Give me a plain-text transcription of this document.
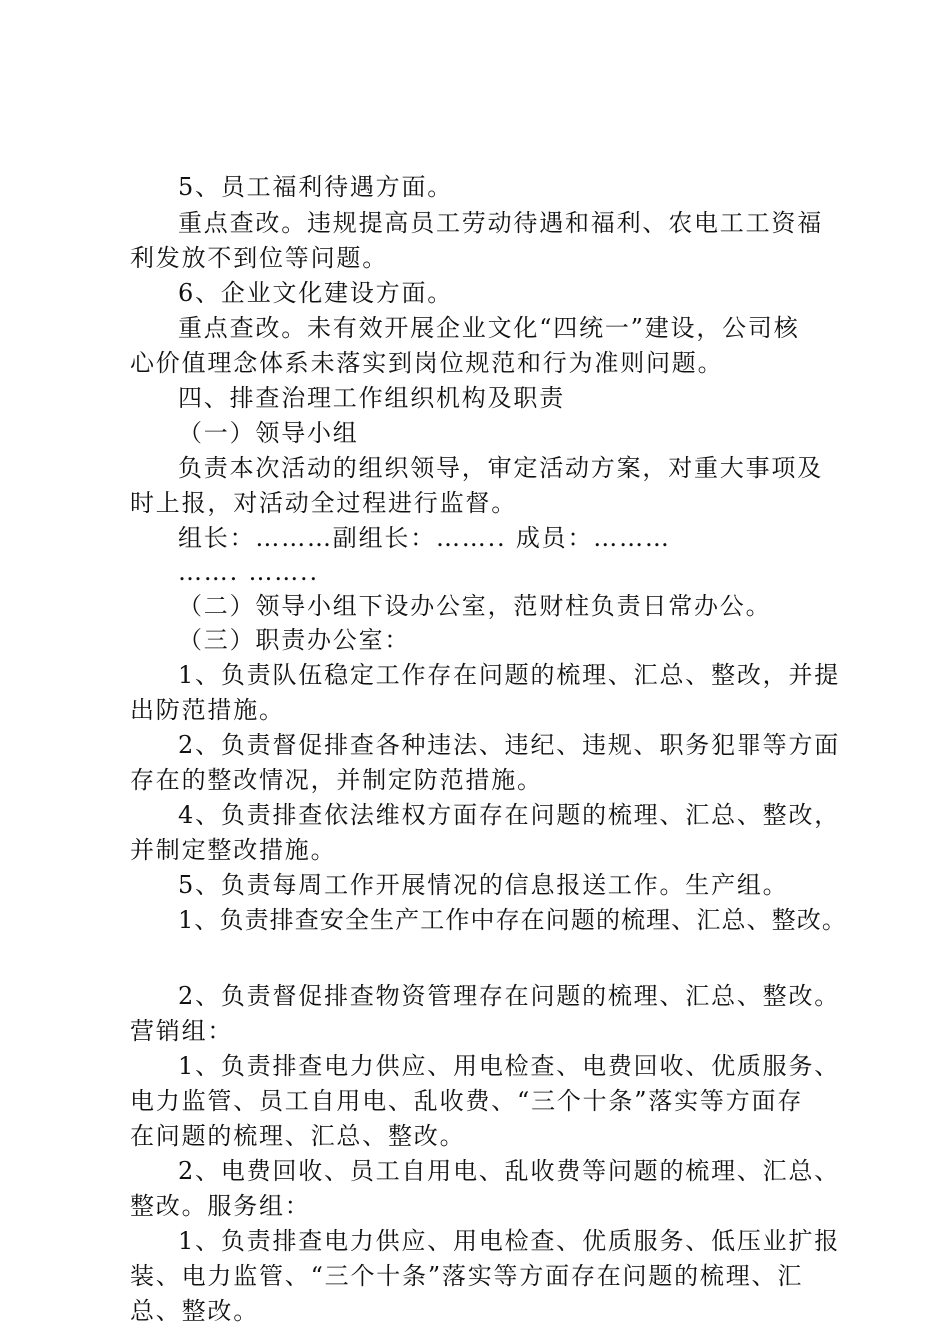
5、员工福利待遇方面。
重点查改。违规提高员工劳动待遇和福利、农电工工资福
利发放不到位等问题。
6、企业文化建设方面。
重点查改。未有效开展企业文化“四统一”建设，公司核
心价值理念体系未落实到岗位规范和行为准则问题。
四、排查治理工作组织机构及职责
（一）领导小组
负责本次活动的组织领导，审定活动方案，对重大事项及
时上报，对活动全过程进行监督。
组长：………副组长：…….. 成员：………
……. ……..
（二）领导小组下设办公室，范财柱负责日常办公。
（三）职责办公室：
1、负责队伍稳定工作存在问题的梳理、汇总、整改，并提
出防范措施。
2、负责督促排查各种违法、违纪、违规、职务犯罪等方面
存在的整改情况，并制定防范措施。
4、负责排查依法维权方面存在问题的梳理、汇总、整改，
并制定整改措施。
5、负责每周工作开展情况的信息报送工作。生产组。
1、负责排查安全生产工作中存在问题的梳理、汇总、整改。
2、负责督促排查物资管理存在问题的梳理、汇总、整改。
营销组：
1、负责排查电力供应、用电检查、电费回收、优质服务、
电力监管、员工自用电、乱收费、“三个十条”落实等方面存
在问题的梳理、汇总、整改。
2、电费回收、员工自用电、乱收费等问题的梳理、汇总、
整改。服务组：
1、负责排查电力供应、用电检查、优质服务、低压业扩报
装、电力监管、“三个十条”落实等方面存在问题的梳理、汇
总、整改。
